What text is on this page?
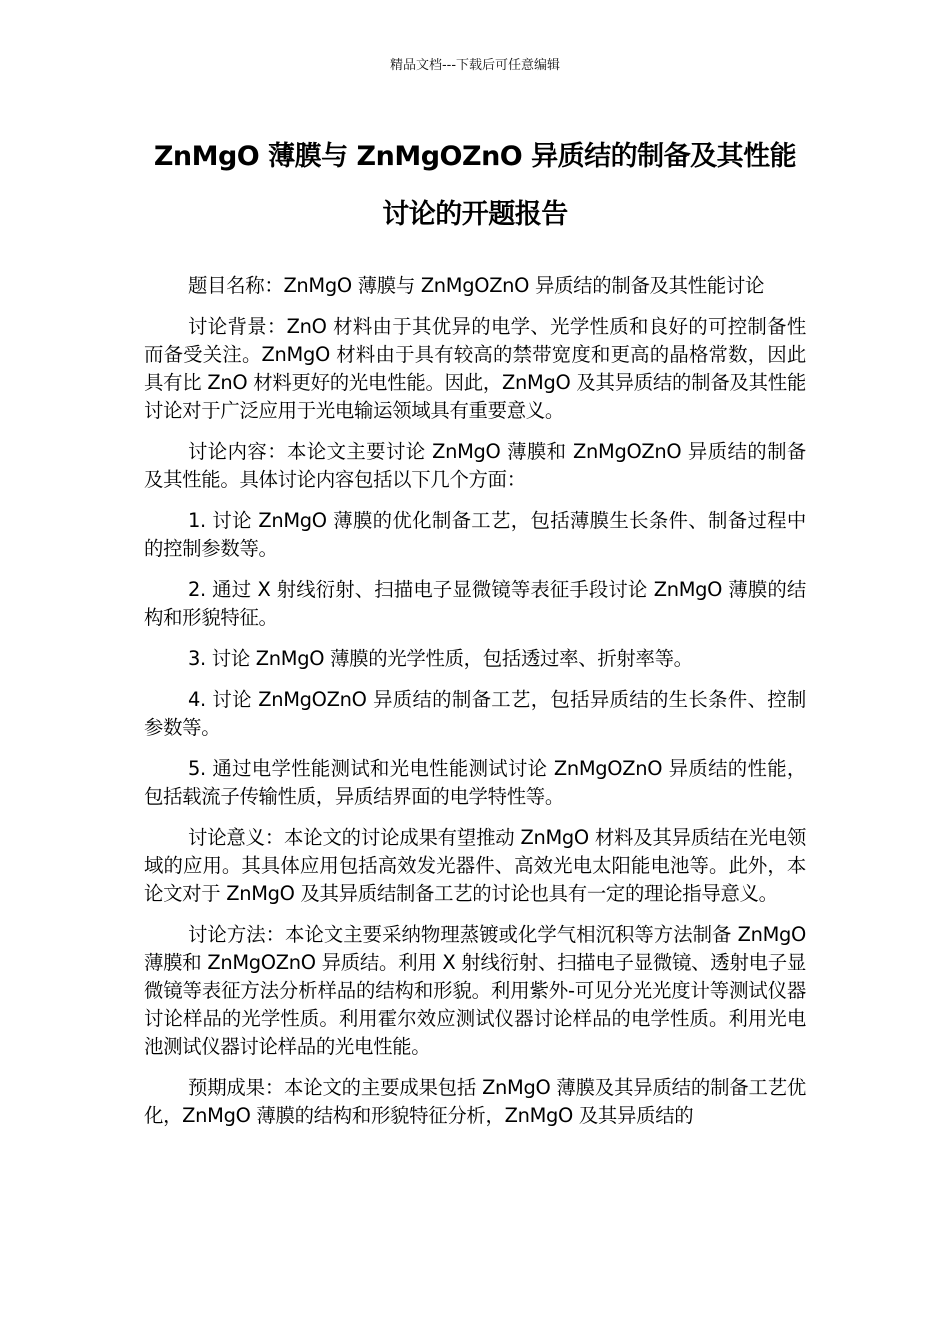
精品文档---下载后可任意编辑
ZnMgO 薄膜与 ZnMgOZnO 异质结的制备及其性能
讨论的开题报告

题目名称：ZnMgO 薄膜与 ZnMgOZnO 异质结的制备及其性能讨论

讨论背景：ZnO 材料由于其优异的电学、光学性质和良好的可控制备性而备受关注。ZnMgO 材料由于具有较高的禁带宽度和更高的晶格常数，因此具有比 ZnO 材料更好的光电性能。因此，ZnMgO 及其异质结的制备及其性能讨论对于广泛应用于光电输运领域具有重要意义。

讨论内容：本论文主要讨论 ZnMgO 薄膜和 ZnMgOZnO 异质结的制备及其性能。具体讨论内容包括以下几个方面：

1. 讨论 ZnMgO 薄膜的优化制备工艺，包括薄膜生长条件、制备过程中的控制参数等。

2. 通过 X 射线衍射、扫描电子显微镜等表征手段讨论 ZnMgO 薄膜的结构和形貌特征。

3. 讨论 ZnMgO 薄膜的光学性质，包括透过率、折射率等。

4. 讨论 ZnMgOZnO 异质结的制备工艺，包括异质结的生长条件、控制参数等。

5. 通过电学性能测试和光电性能测试讨论 ZnMgOZnO 异质结的性能，包括载流子传输性质，异质结界面的电学特性等。

讨论意义：本论文的讨论成果有望推动 ZnMgO 材料及其异质结在光电领域的应用。其具体应用包括高效发光器件、高效光电太阳能电池等。此外，本论文对于 ZnMgO 及其异质结制备工艺的讨论也具有一定的理论指导意义。

讨论方法：本论文主要采纳物理蒸镀或化学气相沉积等方法制备 ZnMgO 薄膜和 ZnMgOZnO 异质结。利用 X 射线衍射、扫描电子显微镜、透射电子显微镜等表征方法分析样品的结构和形貌。利用紫外-可见分光光度计等测试仪器讨论样品的光学性质。利用霍尔效应测试仪器讨论样品的电学性质。利用光电池测试仪器讨论样品的光电性能。

预期成果：本论文的主要成果包括 ZnMgO 薄膜及其异质结的制备工艺优化，ZnMgO 薄膜的结构和形貌特征分析，ZnMgO 及其异质结的
